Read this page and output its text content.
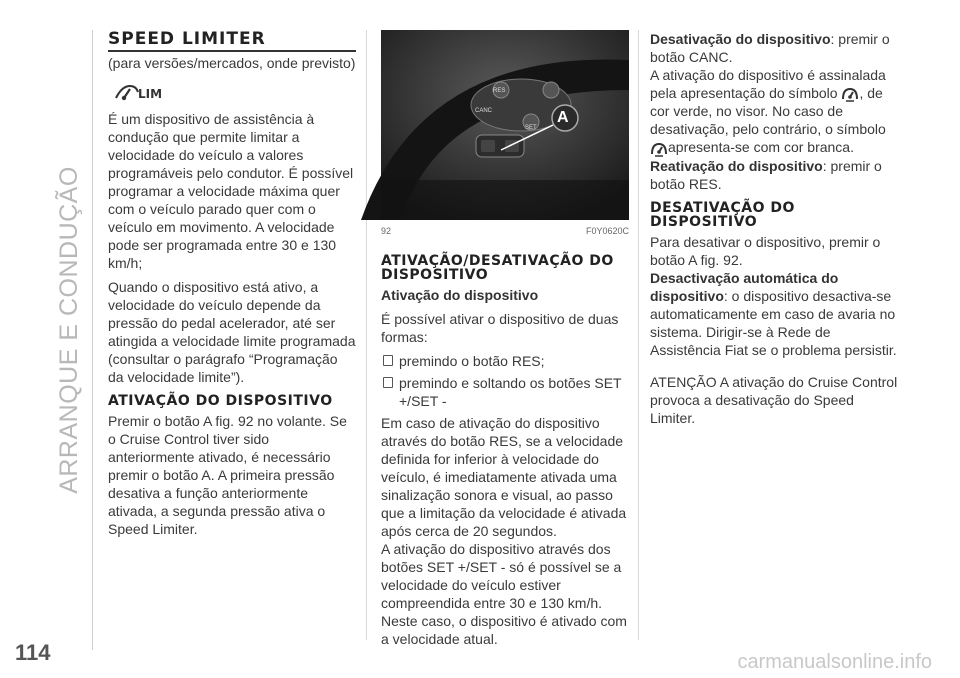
ARRANQUE E CONDUÇÃO
114
SPEED LIMITER

(para versões/mercados, onde previsto)

LIM

É um dispositivo de assistência à condução que permite limitar a velocidade do veículo a valores programáveis pelo condutor. É possível programar a velocidade máxima quer com o veículo parado quer com o veículo em movimento. A velocidade pode ser programada entre 30 e 130 km/h;

Quando o dispositivo está ativo, a velocidade do veículo depende da pressão do pedal acelerador, até ser atingida a velocidade limite programada (consultar o parágrafo “Programação da velocidade limite”).

ATIVAÇÃO DO DISPOSITIVO

Premir o botão A fig. 92 no volante. Se o Cruise Control tiver sido anteriormente ativado, é necessário premir o botão A. A primeira pressão desativa a função anteriormente ativada, a segunda pressão ativa o Speed Limiter.

A
RES
SET
CANC
92	F0Y0620C
ATIVAÇÃO/DESATIVAÇÃO DO DISPOSITIVO
Ativação do dispositivo

É possível ativar o dispositivo de duas formas:

premindo o botão RES;
premindo e soltando os botões SET +/SET -

Em caso de ativação do dispositivo através do botão RES, se a velocidade definida for inferior à velocidade do veículo, é imediatamente ativada uma sinalização sonora e visual, ao passo que a limitação da velocidade é ativada após cerca de 20 segundos.

A ativação do dispositivo através dos botões SET +/SET - só é possível se a velocidade do veículo estiver compreendida entre 30 e 130 km/h. Neste caso, o dispositivo é ativado com a velocidade atual.

Desativação do dispositivo: premir o botão CANC.

A ativação do dispositivo é assinalada pela apresentação do símbolo , de cor verde, no visor. No caso de desativação, pelo contrário, o símbolo
apresenta-se com cor branca.

Reativação do dispositivo: premir o botão RES.

DESATIVAÇÃO DO DISPOSITIVO

Para desativar o dispositivo, premir o botão A fig. 92.

Desactivação automática do dispositivo: o dispositivo desactiva-se automaticamente em caso de avaria no sistema. Dirigir-se à Rede de Assistência Fiat se o problema persistir.

ATENÇÃO A ativação do Cruise Control provoca a desativação do Speed Limiter.

carmanualsonline.info
